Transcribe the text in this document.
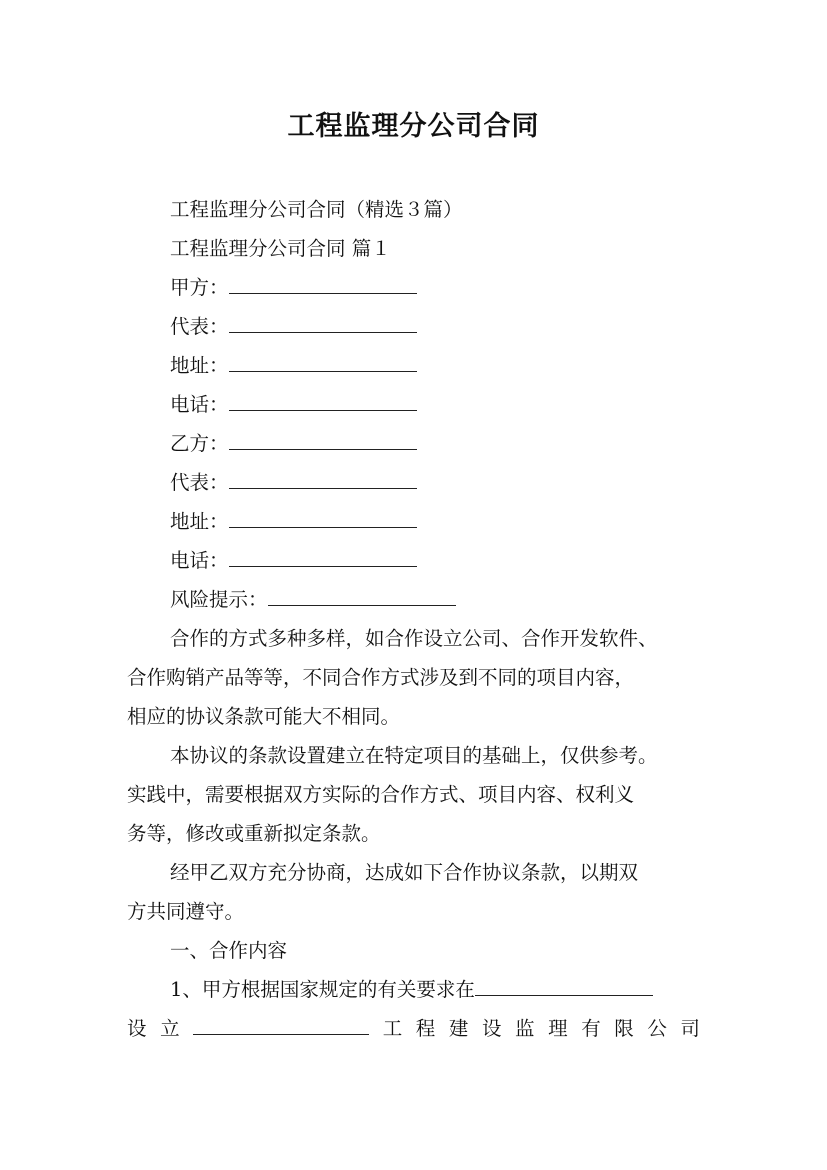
工程监理分公司合同
工程监理分公司合同（精选３篇）
工程监理分公司合同 篇１
甲方：
代表：
地址：
电话：
乙方：
代表：
地址：
电话：
风险提示：
合作的方式多种多样，如合作设立公司、合作开发软件、
合作购销产品等等，不同合作方式涉及到不同的项目内容，
相应的协议条款可能大不相同。
本协议的条款设置建立在特定项目的基础上，仅供参考。
实践中，需要根据双方实际的合作方式、项目内容、权利义
务等，修改或重新拟定条款。
经甲乙双方充分协商，达成如下合作协议条款，以期双
方共同遵守。
一、合作内容
1、甲方根据国家规定的有关要求在
设 立	工 程 建 设 监 理 有 限 公 司
